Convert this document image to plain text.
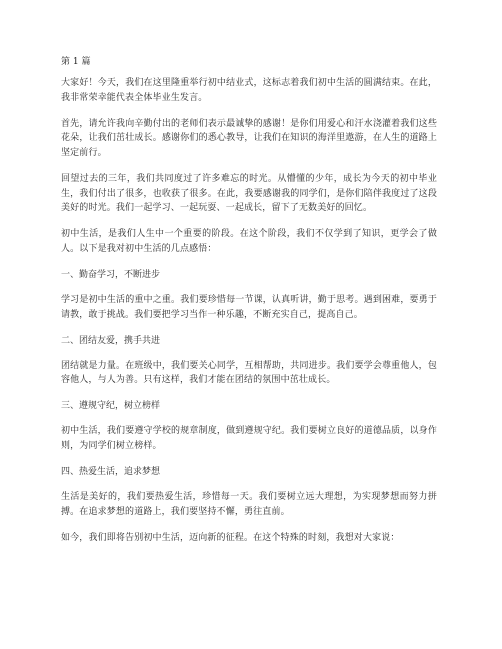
第 1 篇

大家好！今天，我们在这里隆重举行初中结业式，这标志着我们初中生活的圆满结束。在此，我非常荣幸能代表全体毕业生发言。

首先，请允许我向辛勤付出的老师们表示最诚挚的感谢！是你们用爱心和汗水浇灌着我们这些花朵，让我们茁壮成长。感谢你们的悉心教导，让我们在知识的海洋里遨游，在人生的道路上坚定前行。

回望过去的三年，我们共同度过了许多难忘的时光。从懵懂的少年，成长为今天的初中毕业生，我们付出了很多，也收获了很多。在此，我要感谢我的同学们，是你们陪伴我度过了这段美好的时光。我们一起学习、一起玩耍、一起成长，留下了无数美好的回忆。

初中生活，是我们人生中一个重要的阶段。在这个阶段，我们不仅学到了知识，更学会了做人。以下是我对初中生活的几点感悟：

一、勤奋学习，不断进步

学习是初中生活的重中之重。我们要珍惜每一节课，认真听讲，勤于思考。遇到困难，要勇于请教，敢于挑战。我们要把学习当作一种乐趣，不断充实自己，提高自己。

二、团结友爱，携手共进

团结就是力量。在班级中，我们要关心同学，互相帮助，共同进步。我们要学会尊重他人，包容他人，与人为善。只有这样，我们才能在团结的氛围中茁壮成长。

三、遵规守纪，树立榜样

初中生活，我们要遵守学校的规章制度，做到遵规守纪。我们要树立良好的道德品质，以身作则，为同学们树立榜样。

四、热爱生活，追求梦想

生活是美好的，我们要热爱生活，珍惜每一天。我们要树立远大理想，为实现梦想而努力拼搏。在追求梦想的道路上，我们要坚持不懈，勇往直前。

如今，我们即将告别初中生活，迈向新的征程。在这个特殊的时刻，我想对大家说：
